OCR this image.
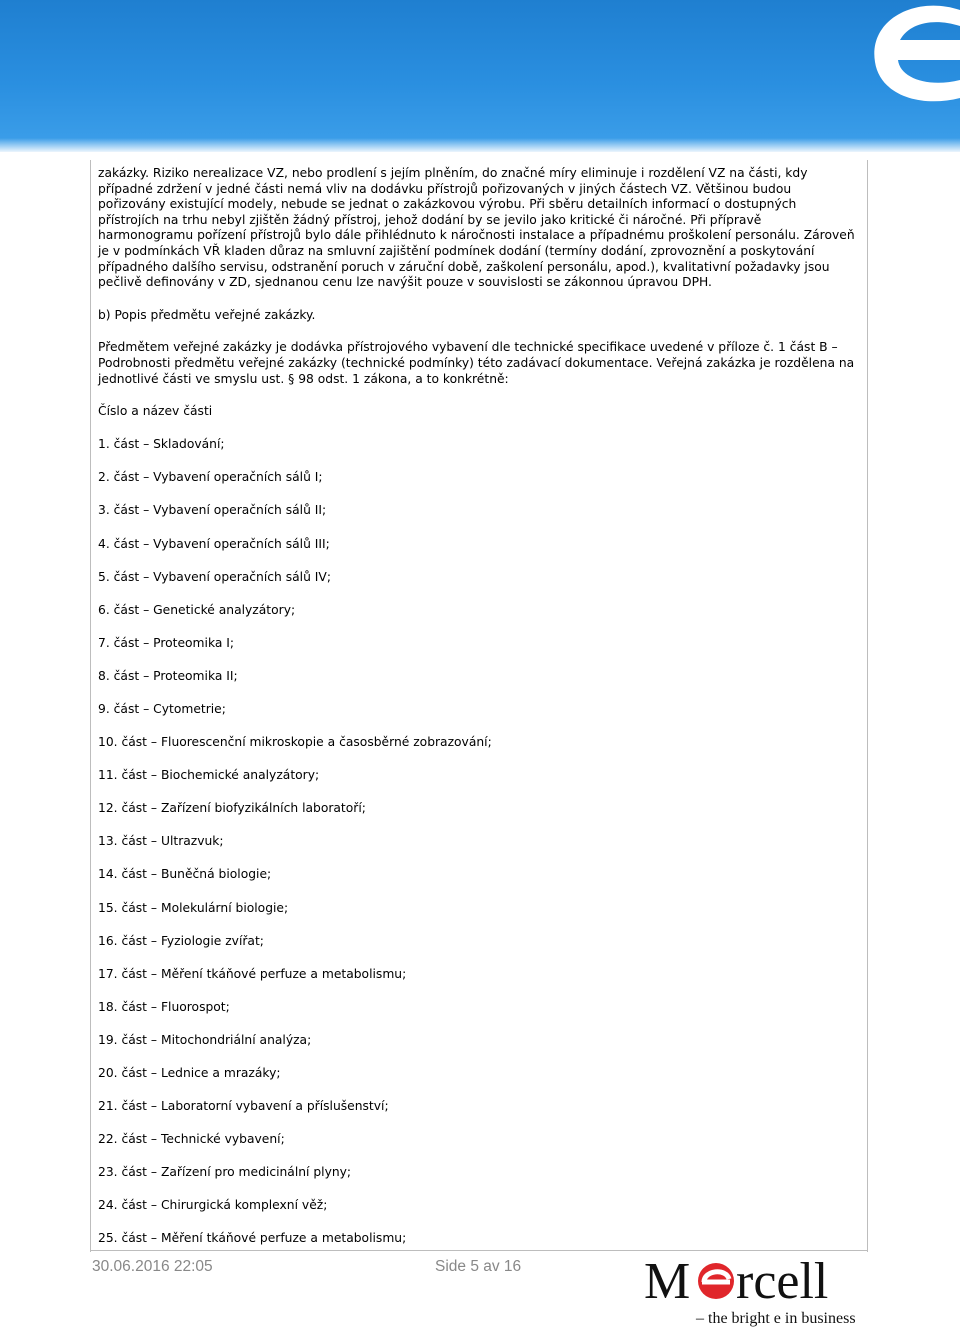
zakázky. Riziko nerealizace VZ, nebo prodlení s jejím plněním, do značné míry eliminuje i rozdělení VZ na části, kdy případné zdržení v jedné části nemá vliv na dodávku přístrojů pořizovaných v jiných částech VZ. Většinou budou pořizovány existující modely, nebude se jednat o zakázkovou výrobu. Při sběru detailních informací o dostupných přístrojích na trhu nebyl zjištěn žádný přístroj, jehož dodání by se jevilo jako kritické či náročné. Při přípravě harmonogramu pořízení přístrojů bylo dále přihlédnuto k náročnosti instalace a případnému proškolení personálu. Zároveň je v podmínkách VŘ kladen důraz na smluvní zajištění podmínek dodání (termíny dodání, zprovoznění a poskytování případného dalšího servisu, odstranění poruch v záruční době, zaškolení personálu, apod.), kvalitativní požadavky jsou pečlivě definovány v ZD, sjednanou cenu lze navýšit pouze v souvislosti se zákonnou úpravou DPH.

b) Popis předmětu veřejné zakázky.

Předmětem veřejné zakázky je dodávka přístrojového vybavení dle technické specifikace uvedené v příloze č. 1 část B – Podrobnosti předmětu veřejné zakázky (technické podmínky) této zadávací dokumentace. Veřejná zakázka je rozdělena na jednotlivé části ve smyslu ust. § 98 odst. 1 zákona, a to konkrétně:

Číslo a název části

1. část – Skladování;

2. část – Vybavení operačních sálů I;

3. část – Vybavení operačních sálů II;

4. část – Vybavení operačních sálů III;

5. část – Vybavení operačních sálů IV;

6. část – Genetické analyzátory;

7. část – Proteomika I;

8. část – Proteomika II;

9. část – Cytometrie;

10. část – Fluorescenční mikroskopie a časosběrné zobrazování;

11. část – Biochemické analyzátory;

12. část – Zařízení biofyzikálních laboratoří;

13. část – Ultrazvuk;

14. část – Buněčná biologie;

15. část – Molekulární biologie;

16. část – Fyziologie zvířat;

17. část – Měření tkáňové perfuze a metabolismu;

18. část – Fluorospot;

19. část – Mitochondriální analýza;

20. část – Lednice a mrazáky;

21. část – Laboratorní vybavení a příslušenství;

22. část – Technické vybavení;

23. část – Zařízení pro medicinální plyny;

24. část – Chirurgická komplexní věž;

25. část – Měření tkáňové perfuze a metabolismu;

30.06.2016 22:05	Side 5 av 16 M rcell
– the bright e in business
